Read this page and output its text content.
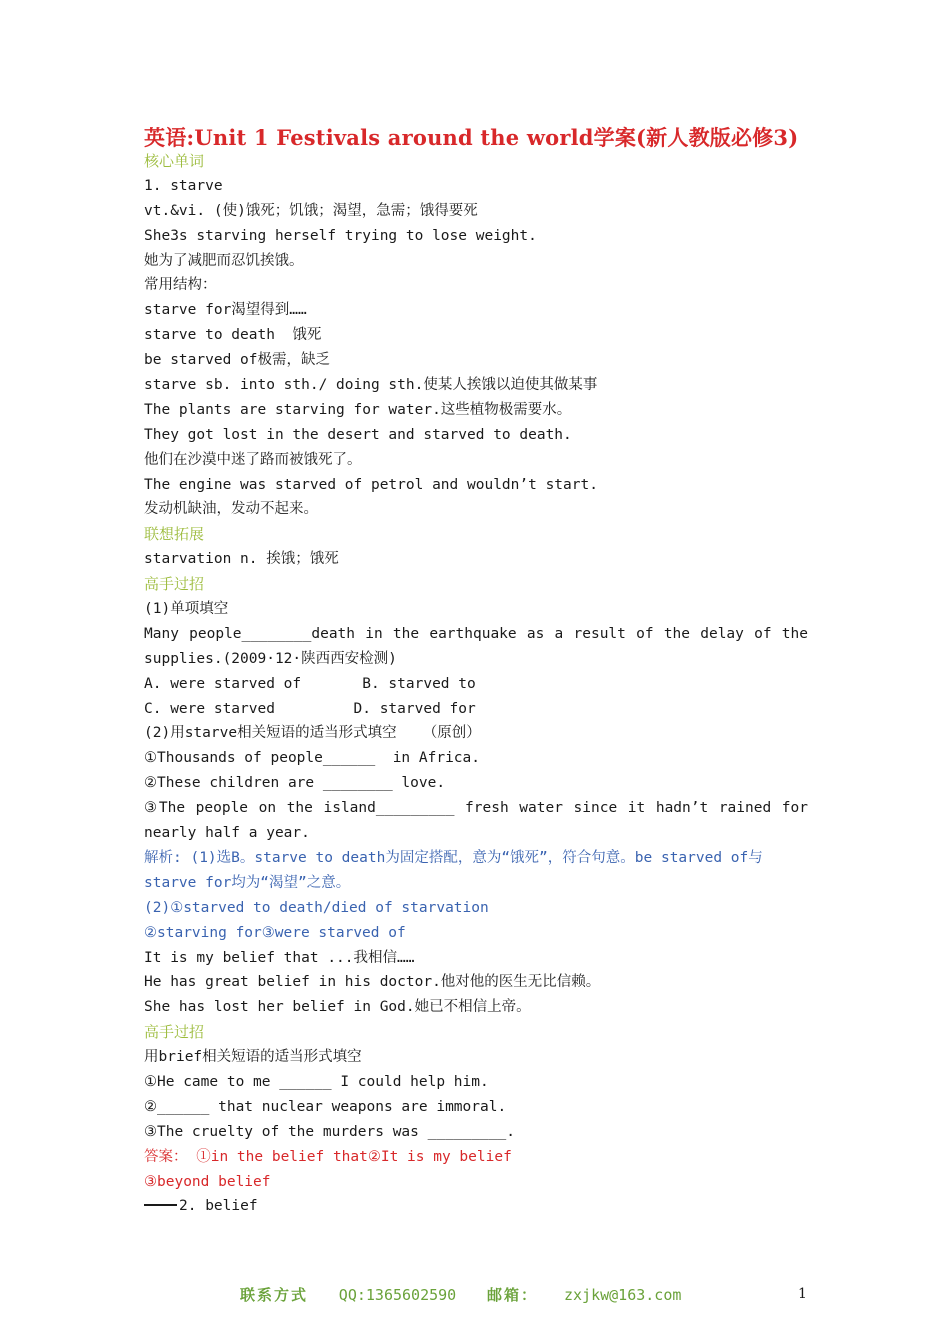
英语:Unit 1 Festivals around the world学案(新人教版必修3)
核心单词
1. starve
vt.&vi. (使)饿死；饥饿；渴望，急需；饿得要死
She3s starving herself trying to lose weight.
她为了减肥而忍饥挨饿。
常用结构：
starve for渴望得到……
starve to death  饿死
be starved of极需，缺乏
starve sb. into sth./ doing sth.使某人挨饿以迫使其做某事
The plants are starving for water.这些植物极需要水。
They got lost in the desert and starved to death.
他们在沙漠中迷了路而被饿死了。
The engine was starved of petrol and wouldn’t start.
发动机缺油，发动不起来。
联想拓展
starvation n. 挨饿；饿死
高手过招
(1)单项填空
Many people________death in the earthquake as a result of the delay of the
supplies.(2009·12·陕西西安检测)
A. were starved of       B. starved to
C. were starved         D. starved for
(2)用starve相关短语的适当形式填空   （原创）
①Thousands of people______  in Africa.
②These children are ________ love.
③The people on the island_________ fresh water since it hadn’t rained for
nearly half a year.
解析: (1)选B。starve to death为固定搭配，意为“饿死”，符合句意。be starved of与
starve for均为“渴望”之意。
(2)①starved to death/died of starvation
②starving for③were starved of
It is my belief that ...我相信……
He has great belief in his doctor.他对他的医生无比信赖。
She has lost her belief in God.她已不相信上帝。
高手过招
用brief相关短语的适当形式填空
①He came to me ______ I could help him.
②______ that nuclear weapons are immoral.
③The cruelty of the murders was _________.
答案： ①in the belief that②It is my belief
③beyond belief
2. belief
联系方式 QQ:1365602590 邮箱： zxjkw@163.com	1
